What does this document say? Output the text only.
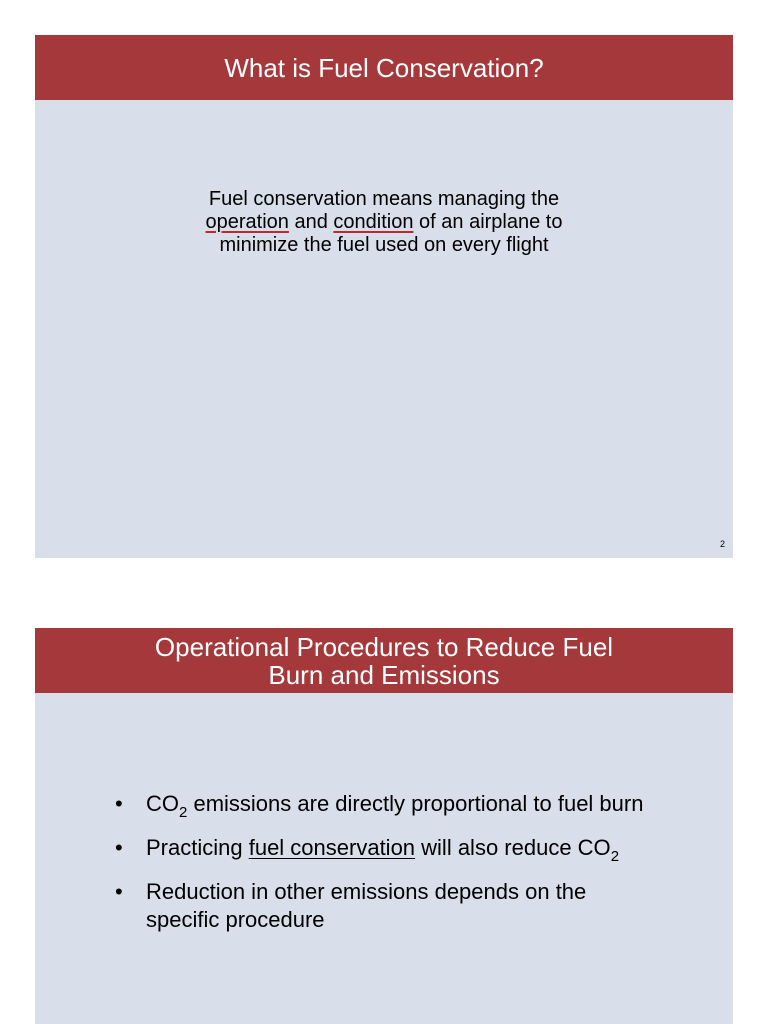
What is Fuel Conservation?
Fuel conservation means managing the
operation and condition of an airplane to
minimize the fuel used on every flight
2
Operational Procedures to Reduce Fuel
Burn and Emissions
• $CO_2$ emissions are directly proportional to fuel burn
• Practicing fuel conservation will also reduce $CO_2$
• Reduction in other emissions depends on the
specific procedure
